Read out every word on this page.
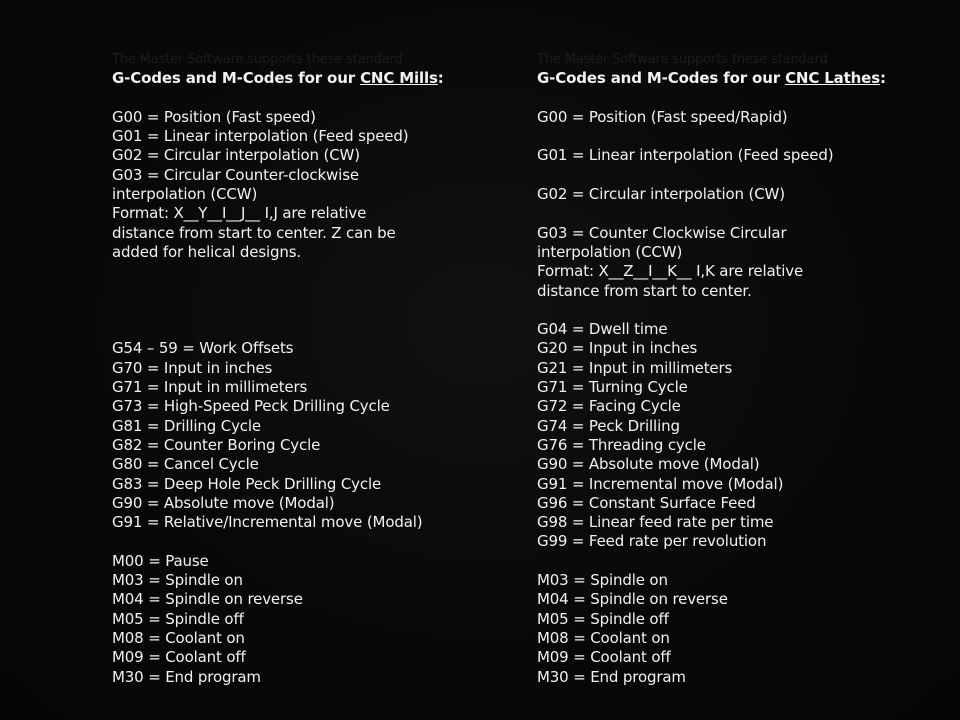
The Master Software supports these standard
G-Codes and M-Codes for our CNC Mills:
G00 = Position (Fast speed)
G01 = Linear interpolation (Feed speed)
G02 = Circular interpolation (CW)
G03 = Circular Counter-clockwise
interpolation (CCW)
Format: X__Y__I__J__ I,J are relative
distance from start to center. Z can be
added for helical designs.
G54 – 59 = Work Offsets
G70 = Input in inches
G71 = Input in millimeters
G73 = High-Speed Peck Drilling Cycle
G81 = Drilling Cycle
G82 = Counter Boring Cycle
G80 = Cancel Cycle
G83 = Deep Hole Peck Drilling Cycle
G90 = Absolute move (Modal)
G91 = Relative/Incremental move (Modal)
M00 = Pause
M03 = Spindle on
M04 = Spindle on reverse
M05 = Spindle off
M08 = Coolant on
M09 = Coolant off
M30 = End program
The Master Software supports these standard
G-Codes and M-Codes for our CNC Lathes:
G00 = Position (Fast speed/Rapid)
G01 = Linear interpolation (Feed speed)
G02 = Circular interpolation (CW)
G03 = Counter Clockwise Circular
interpolation (CCW)
Format: X__Z__I__K__ I,K are relative
distance from start to center.
G04 = Dwell time
G20 = Input in inches
G21 = Input in millimeters
G71 = Turning Cycle
G72 = Facing Cycle
G74 = Peck Drilling
G76 = Threading cycle
G90 = Absolute move (Modal)
G91 = Incremental move (Modal)
G96 = Constant Surface Feed
G98 = Linear feed rate per time
G99 = Feed rate per revolution
M03 = Spindle on
M04 = Spindle on reverse
M05 = Spindle off
M08 = Coolant on
M09 = Coolant off
M30 = End program
